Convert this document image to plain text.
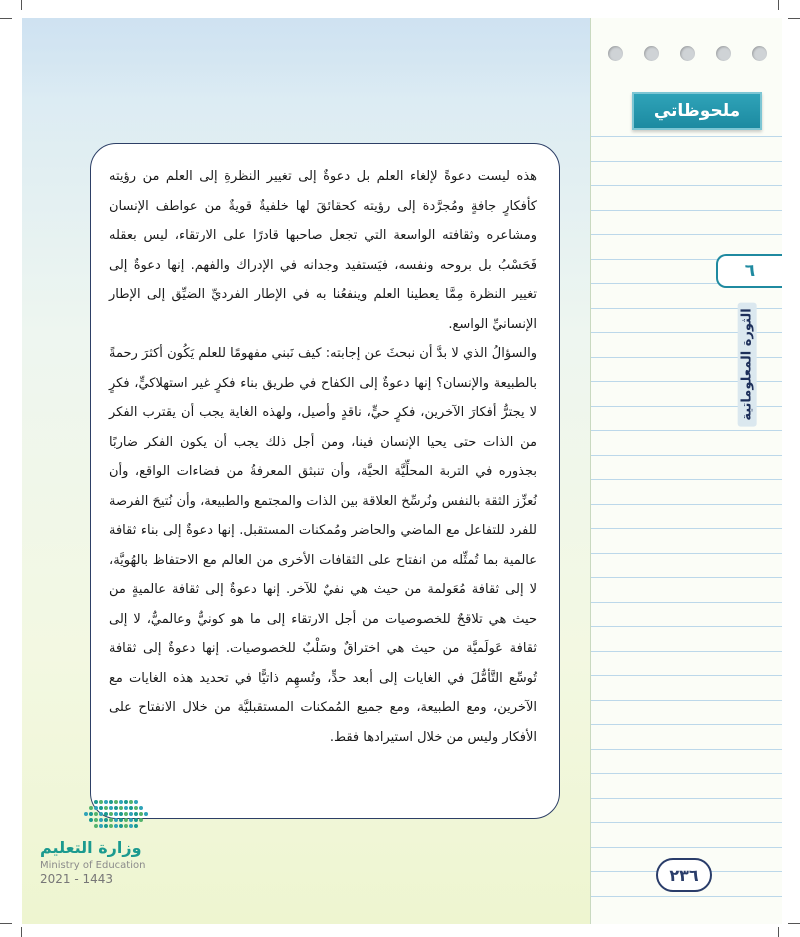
ملحوظاتي
٦
الثورة المعلوماتية

هذه ليست دعوةً لإلغاء العلم بل دعوةٌ إلى تغيير النظرةِ إلى العلم من رؤيته كأفكارٍ جافةٍ ومُجرَّدة إلى رؤيته كحقائقَ لها خلفيةٌ قويةٌ من عواطف الإنسان ومشاعره وثقافته الواسعة التي تجعل صاحبها قادرًا على الارتقاء، ليس بعقله فَحَسْبُ بل بروحه ونفسه، فيَستفيد وجدانه في الإدراك والفهم. إنها دعوةٌ إلى تغيير النظرة مِمَّا يعطينا العلم وينفعُنا به في الإطار الفرديِّ الضيِّق إلى الإطار الإنسانيِّ الواسع.

والسؤالُ الذي لا بدَّ أن نبحثَ عن إجابته: كيف نَبني مفهومًا للعلم يَكُون أكثرَ رحمةً بالطبيعة والإنسان؟ إنها دعوةٌ إلى الكفاح في طريق بناء فكرٍ غير استهلاكيٍّ، فكرٍ لا يجترُّ أفكارَ الآخرين، فكرٍ حيٍّ، ناقدٍ وأصيل، ولهذه الغاية يجب أن يقترب الفكر من الذات حتى يحيا الإنسان فينا، ومن أجل ذلك يجب أن يكون الفكر ضاربًا بجذوره في التربة المحلِّيَّة الحيَّة، وأن تنبثق المعرفةُ من فضاءات الواقع، وأن نُعزِّز الثقة بالنفس ونُرسِّخ العلاقة بين الذات والمجتمع والطبيعة، وأن نُتيحَ الفرصة للفرد للتفاعل مع الماضي والحاضر ومُمكنات المستقبل. إنها دعوةٌ إلى بناء ثقافة عالمية بما تُمثِّله من انفتاح على الثقافات الأخرى من العالم مع الاحتفاظ بالهُويَّة، لا إلى ثقافة مُعَولمة من حيث هي نفيٌ للآخر. إنها دعوةٌ إلى ثقافة عالميةٍ من حيث هي تلاقحٌ للخصوصيات من أجل الارتقاء إلى ما هو كونيٌّ وعالميٌّ، لا إلى ثقافة عَولَميَّة من حيث هي اختراقٌ وسَلْبٌ للخصوصيات. إنها دعوةٌ إلى ثقافة تُوسِّع التَّأمُّلَ في الغايات إلى أبعد حدٍّ، وتُسهِم ذاتيًّا في تحديد هذه الغايات مع الآخرين، ومع الطبيعة، ومع جميع المُمكنات المستقبليَّة من خلال الانفتاح على الأفكار وليس من خلال استيرادها فقط.

وزارة التعليم
Ministry of Education
2021 - 1443	٢٣٦
